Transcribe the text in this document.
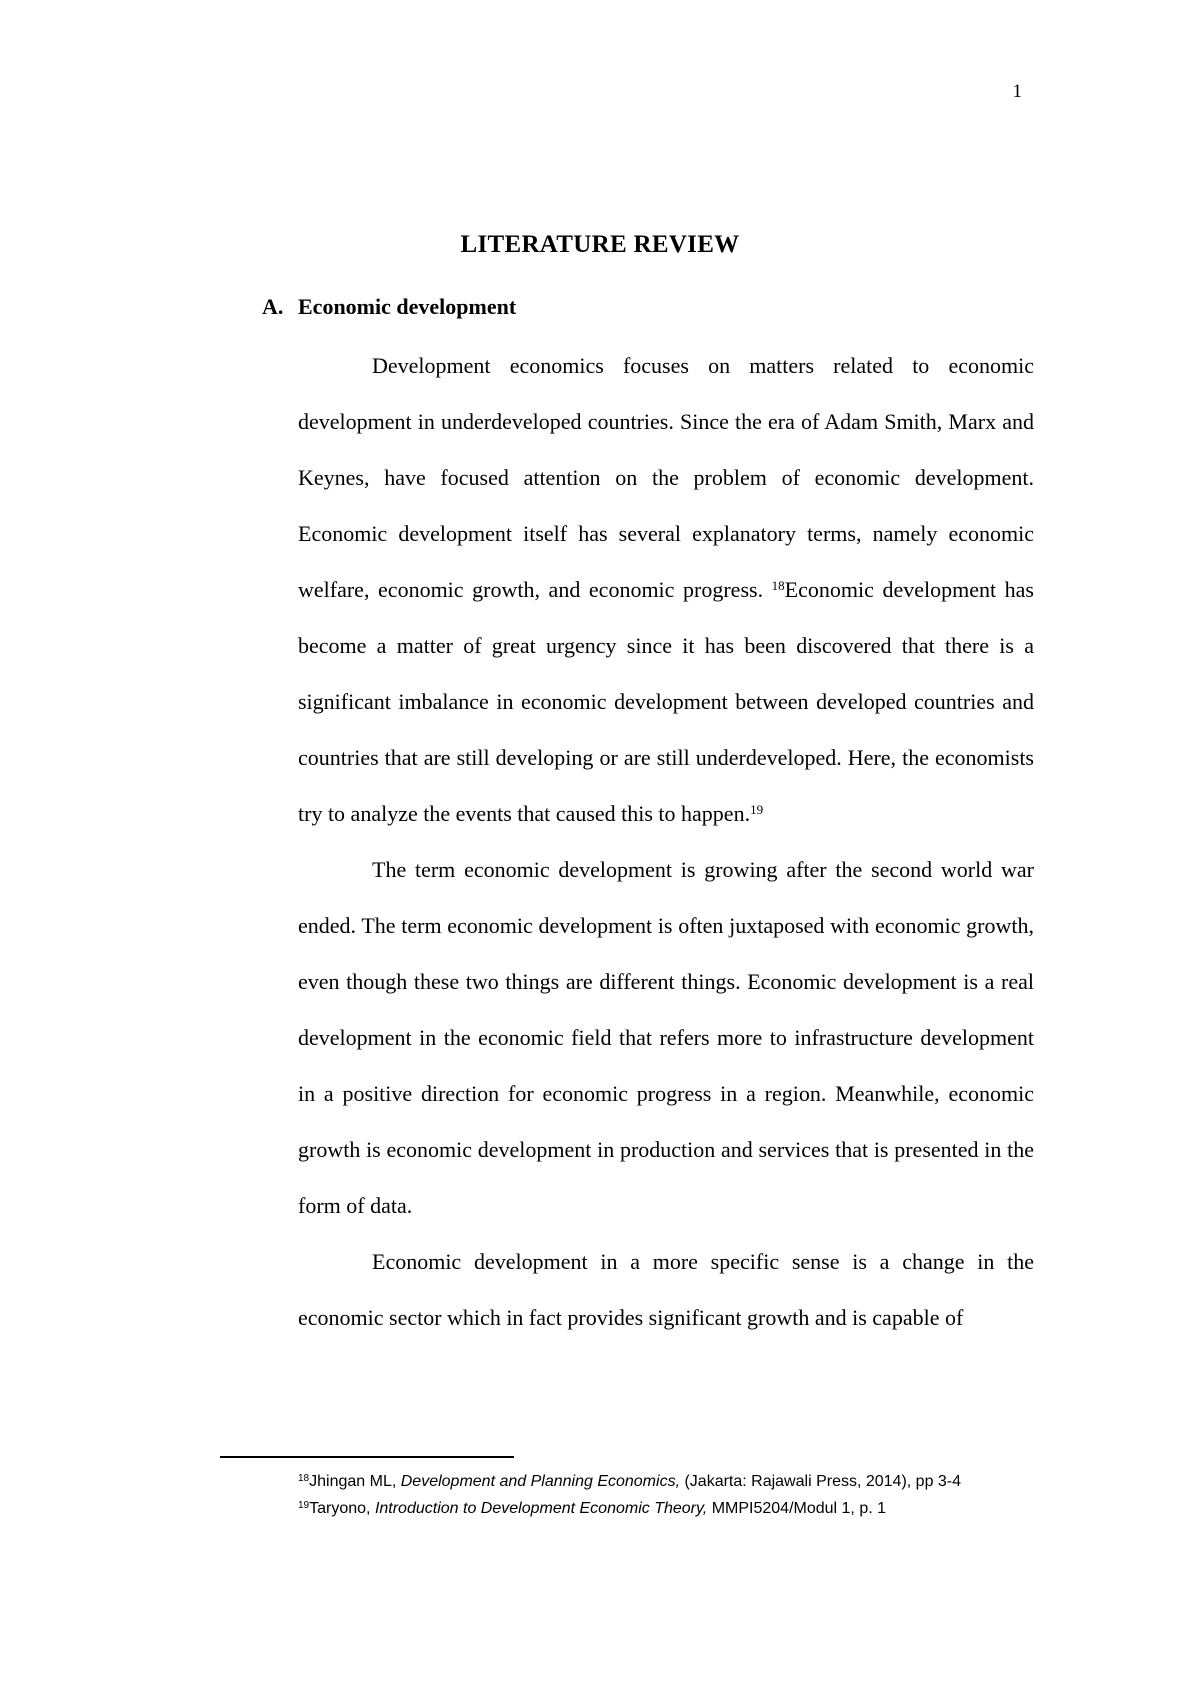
1
LITERATURE REVIEW
A. Economic development

Development economics focuses on matters related to economic development in underdeveloped countries. Since the era of Adam Smith, Marx and Keynes, have focused attention on the problem of economic development. Economic development itself has several explanatory terms, namely economic welfare, economic growth, and economic progress. $^{18}$Economic development has become a matter of great urgency since it has been discovered that there is a significant imbalance in economic development between developed countries and countries that are still developing or are still underdeveloped. Here, the economists try to analyze the events that caused this to happen.$^{19}$

The term economic development is growing after the second world war ended. The term economic development is often juxtaposed with economic growth, even though these two things are different things. Economic development is a real development in the economic field that refers more to infrastructure development in a positive direction for economic progress in a region. Meanwhile, economic growth is economic development in production and services that is presented in the form of data.

Economic development in a more specific sense is a change in the economic sector which in fact provides significant growth and is capable of

$^{18}$Jhingan ML, Development and Planning Economics, (Jakarta: Rajawali Press, 2014), pp 3-4

$^{19}$Taryono, Introduction to Development Economic Theory, MMPI5204/Modul 1, p. 1
